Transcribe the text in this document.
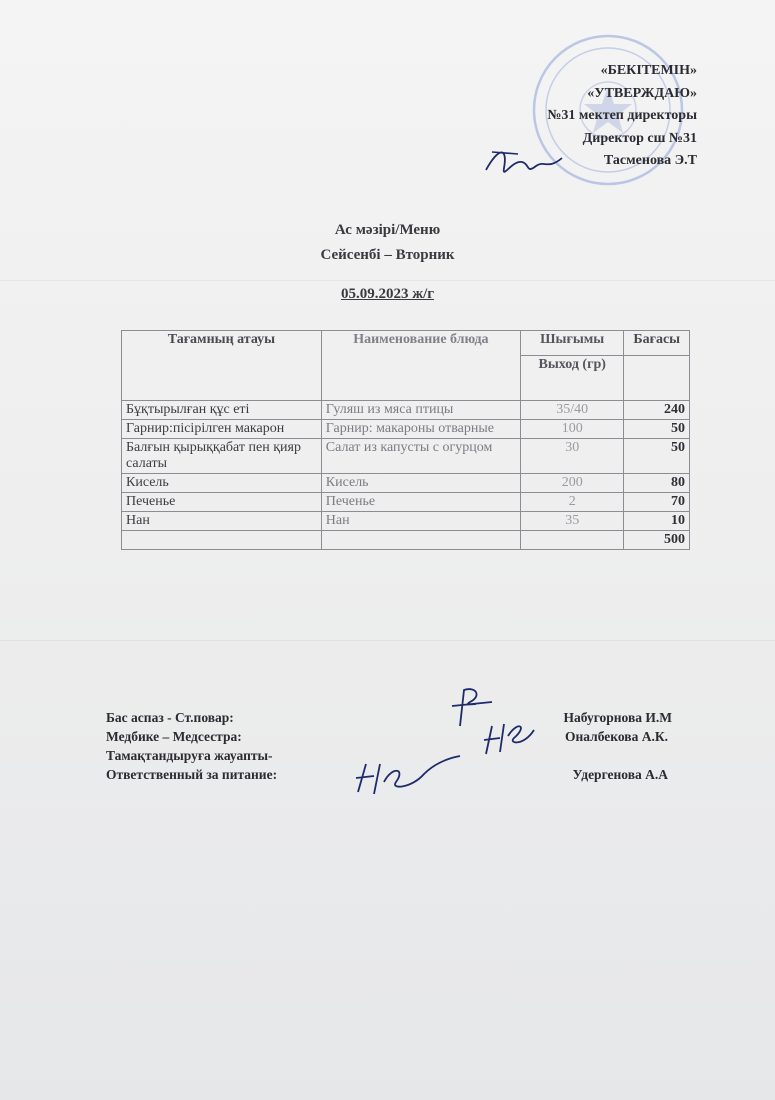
«БЕКІТЕМІН»
«УТВЕРЖДАЮ»
№31 мектеп директоры
Директор сш №31
Тасменова Э.Т
Ас мәзірі/Меню
Сейсенбі – Вторник
05.09.2023 ж/г
Тағамның атауы	Наименование блюда	Шығымы	Бағасы
		Выход (гр)	
Бұқтырылған құс еті	Гуляш из мяса птицы	35/40	240
Гарнир:пісірілген макарон	Гарнир: макароны отварные	100	50
Балғын қырыққабат пен қияр салаты	Салат из капусты с огурцом	30	50
Кисель	Кисель	200	80
Печенье	Печенье	2	70
Нан	Нан	35	10
			500
Бас аспаз - Ст.повар:	Набугорнова И.М
Медбике – Медсестра:	Оналбекова А.К.
Тамақтандыруға жауапты-
Ответственный за питание:	Удергенова А.А
